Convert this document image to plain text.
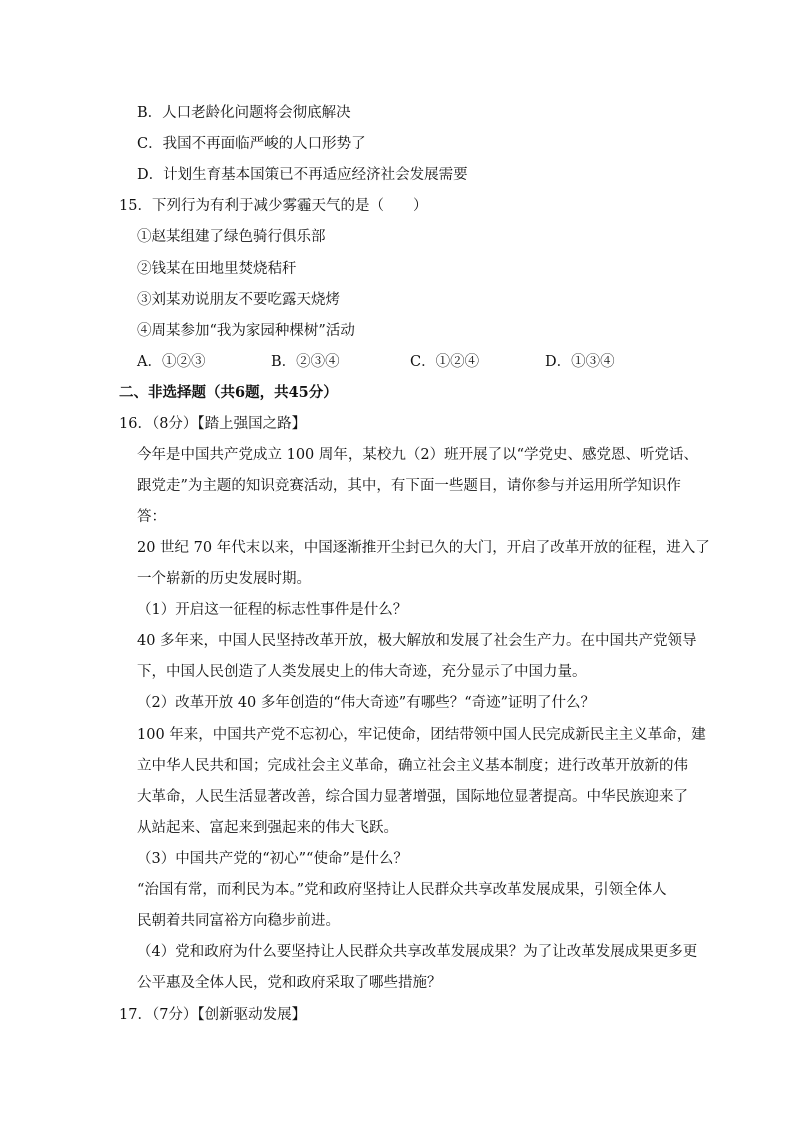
B．人口老龄化问题将会彻底解决
C．我国不再面临严峻的人口形势了
D．计划生育基本国策已不再适应经济社会发展需要
15．下列行为有利于减少雾霾天气的是（　　）
①赵某组建了绿色骑行俱乐部
②钱某在田地里焚烧秸秆
③刘某劝说朋友不要吃露天烧烤
④周某参加“我为家园种棵树”活动
A．①②③	B．②③④	C．①②④	D．①③④
二、非选择题（共6题，共45分）
16．（8分）【踏上强国之路】
今年是中国共产党成立 100 周年，某校九（2）班开展了以“学党史、感党恩、听党话、
跟党走”为主题的知识竞赛活动，其中，有下面一些题目，请你参与并运用所学知识作
答：
20 世纪 70 年代末以来，中国逐渐推开尘封已久的大门，开启了改革开放的征程，进入了
一个崭新的历史发展时期。
（1）开启这一征程的标志性事件是什么？
40 多年来，中国人民坚持改革开放，极大解放和发展了社会生产力。在中国共产党领导
下，中国人民创造了人类发展史上的伟大奇迹，充分显示了中国力量。
（2）改革开放 40 多年创造的“伟大奇迹”有哪些？“奇迹”证明了什么？
100 年来，中国共产党不忘初心，牢记使命，团结带领中国人民完成新民主主义革命，建
立中华人民共和国；完成社会主义革命，确立社会主义基本制度；进行改革开放新的伟
大革命，人民生活显著改善，综合国力显著增强，国际地位显著提高。中华民族迎来了
从站起来、富起来到强起来的伟大飞跃。
（3）中国共产党的“初心”“使命”是什么？
“治国有常，而利民为本。”党和政府坚持让人民群众共享改革发展成果，引领全体人
民朝着共同富裕方向稳步前进。
（4）党和政府为什么要坚持让人民群众共享改革发展成果？为了让改革发展成果更多更
公平惠及全体人民，党和政府采取了哪些措施？
17．（7分）【创新驱动发展】
